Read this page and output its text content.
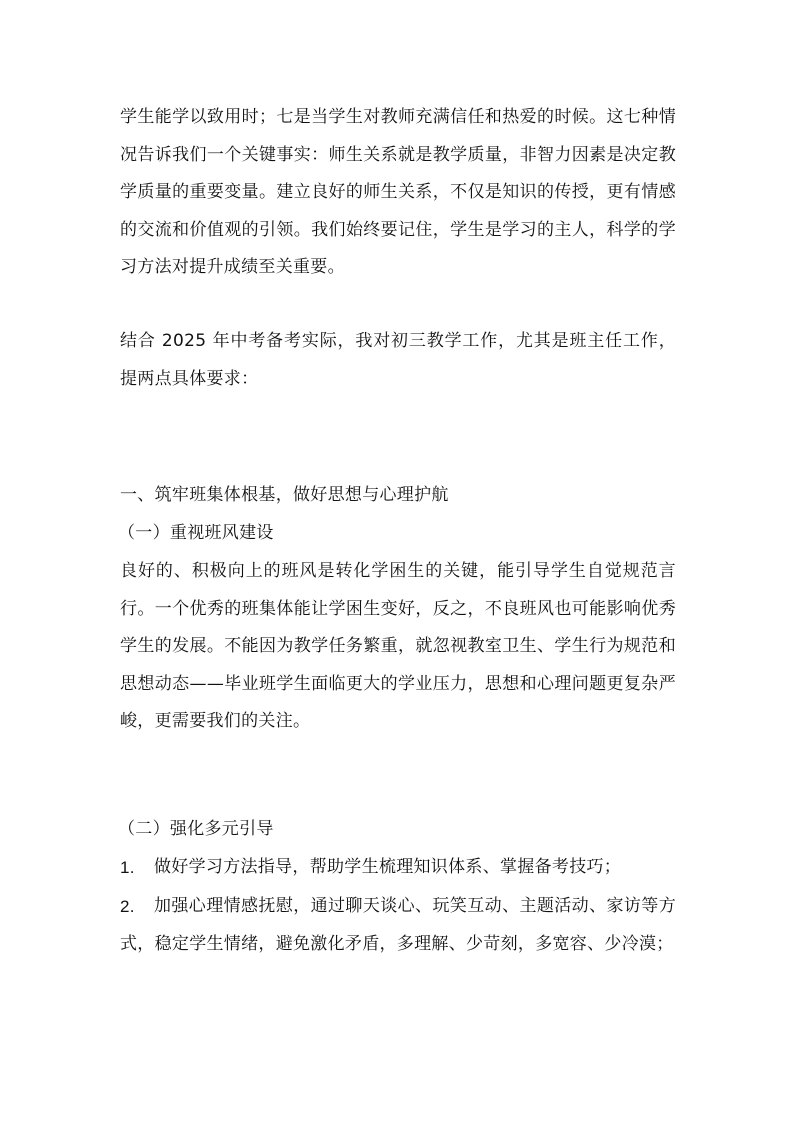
学生能学以致用时；七是当学生对教师充满信任和热爱的时候。这七种情况告诉我们一个关键事实：师生关系就是教学质量，非智力因素是决定教学质量的重要变量。建立良好的师生关系，不仅是知识的传授，更有情感的交流和价值观的引领。我们始终要记住，学生是学习的主人，科学的学习方法对提升成绩至关重要。

结合 2025 年中考备考实际，我对初三教学工作，尤其是班主任工作，提两点具体要求：

一、筑牢班集体根基，做好思想与心理护航

（一）重视班风建设

良好的、积极向上的班风是转化学困生的关键，能引导学生自觉规范言行。一个优秀的班集体能让学困生变好，反之，不良班风也可能影响优秀学生的发展。不能因为教学任务繁重，就忽视教室卫生、学生行为规范和思想动态——毕业班学生面临更大的学业压力，思想和心理问题更复杂严峻，更需要我们的关注。

（二）强化多元引导

1.	做好学习方法指导，帮助学生梳理知识体系、掌握备考技巧；
2.	加强心理情感抚慰，通过聊天谈心、玩笑互动、主题活动、家访等方式，稳定学生情绪，避免激化矛盾，多理解、少苛刻，多宽容、少冷漠；
